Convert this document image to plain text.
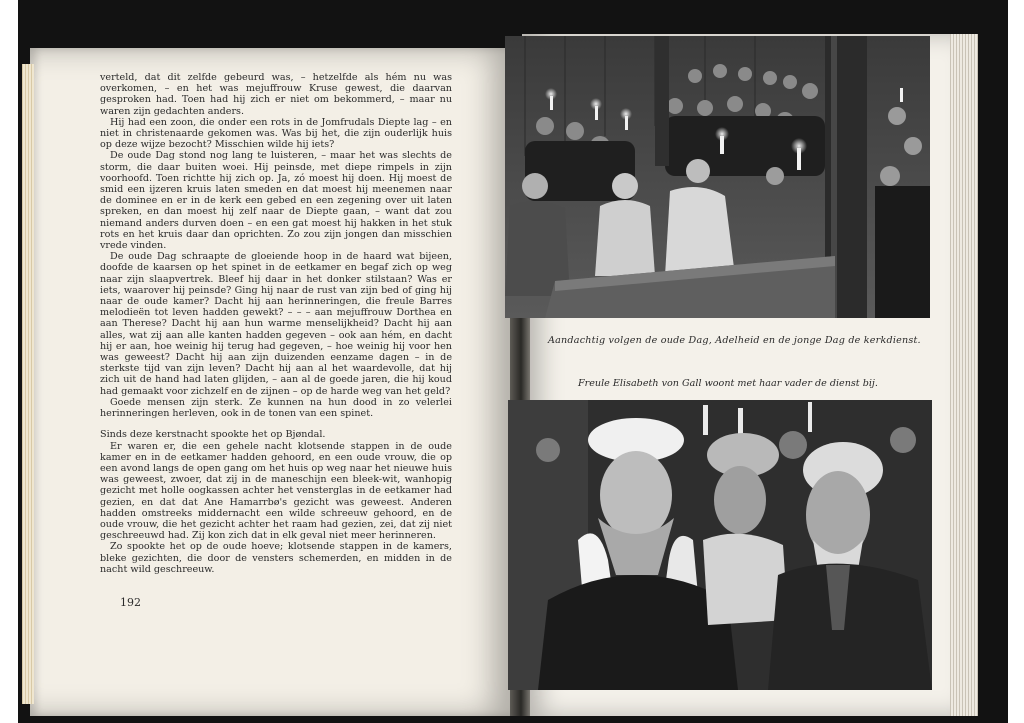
verteld, dat dit zelfde gebeurd was, – hetzelfde als hém nu was overkomen, – en het was mejuffrouw Kruse gewest, die daarvan gesproken had. Toen had hij zich er niet om bekommerd, – maar nu waren zijn gedachten anders.

Hij had een zoon, die onder een rots in de Jomfrudals Diepte lag – en niet in christenaarde gekomen was. Was bij het, die zijn ouderlijk huis op deze wijze bezocht? Misschien wilde hij iets?

De oude Dag stond nog lang te luisteren, – maar het was slechts de storm, die daar buiten woei. Hij peinsde, met diepe rimpels in zijn voorhoofd. Toen richtte hij zich op. Ja, zó moest hij doen. Hij moest de smid een ijzeren kruis laten smeden en dat moest hij meenemen naar de dominee en er in de kerk een gebed en een zegening over uit laten spreken, en dan moest hij zelf naar de Diepte gaan, – want dat zou niemand anders durven doen – en een gat moest hij hakken in het stuk rots en het kruis daar dan oprichten. Zo zou zijn jongen dan misschien vrede vinden.

De oude Dag schraapte de gloeiende hoop in de haard wat bijeen, doofde de kaarsen op het spinet in de eetkamer en begaf zich op weg naar zijn slaapvertrek. Bleef hij daar in het donker stilstaan? Was er iets, waarover hij peinsde? Ging hij naar de rust van zijn bed of ging hij naar de oude kamer? Dacht hij aan herinneringen, die freule Barres melodieën tot leven hadden gewekt? – – – aan mejuffrouw Dorthea en aan Therese? Dacht hij aan hun warme menselijkheid? Dacht hij aan alles, wat zij aan alle kanten hadden gegeven – ook aan hém, en dacht hij er aan, hoe weinig hij terug had gegeven, – hoe weinig hij voor hen was geweest? Dacht hij aan zijn duizenden eenzame dagen – in de sterkste tijd van zijn leven? Dacht hij aan al het waardevolle, dat hij zich uit de hand had laten glijden, – aan al de goede jaren, die hij koud had gemaakt voor zichzelf en de zijnen – op de harde weg van het geld?

Goede mensen zijn sterk. Ze kunnen na hun dood in zo velerlei herinneringen herleven, ook in de tonen van een spinet.

Sinds deze kerstnacht spookte het op Bjøndal.

Er waren er, die een gehele nacht klotsende stappen in de oude kamer en in de eetkamer hadden gehoord, en een oude vrouw, die op een avond langs de open gang om het huis op weg naar het nieuwe huis was geweest, zwoer, dat zij in de maneschijn een bleek-wit, wanhopig gezicht met holle oogkassen achter het vensterglas in de eetkamer had gezien, en dat dat Ane Hamarrbø's gezicht was geweest. Anderen hadden omstreeks middernacht een wilde schreeuw gehoord, en de oude vrouw, die het gezicht achter het raam had gezien, zei, dat zij niet geschreeuwd had. Zij kon zich dat in elk geval niet meer herinneren.

Zo spookte het op de oude hoeve; klotsende stappen in de kamers, bleke gezichten, die door de vensters schemerden, en midden in de nacht wild geschreeuw.

192
Aandachtig volgen de oude Dag, Adelheid en de jonge Dag de kerkdienst.
Freule Elisabeth von Gall woont met haar vader de dienst bij.
